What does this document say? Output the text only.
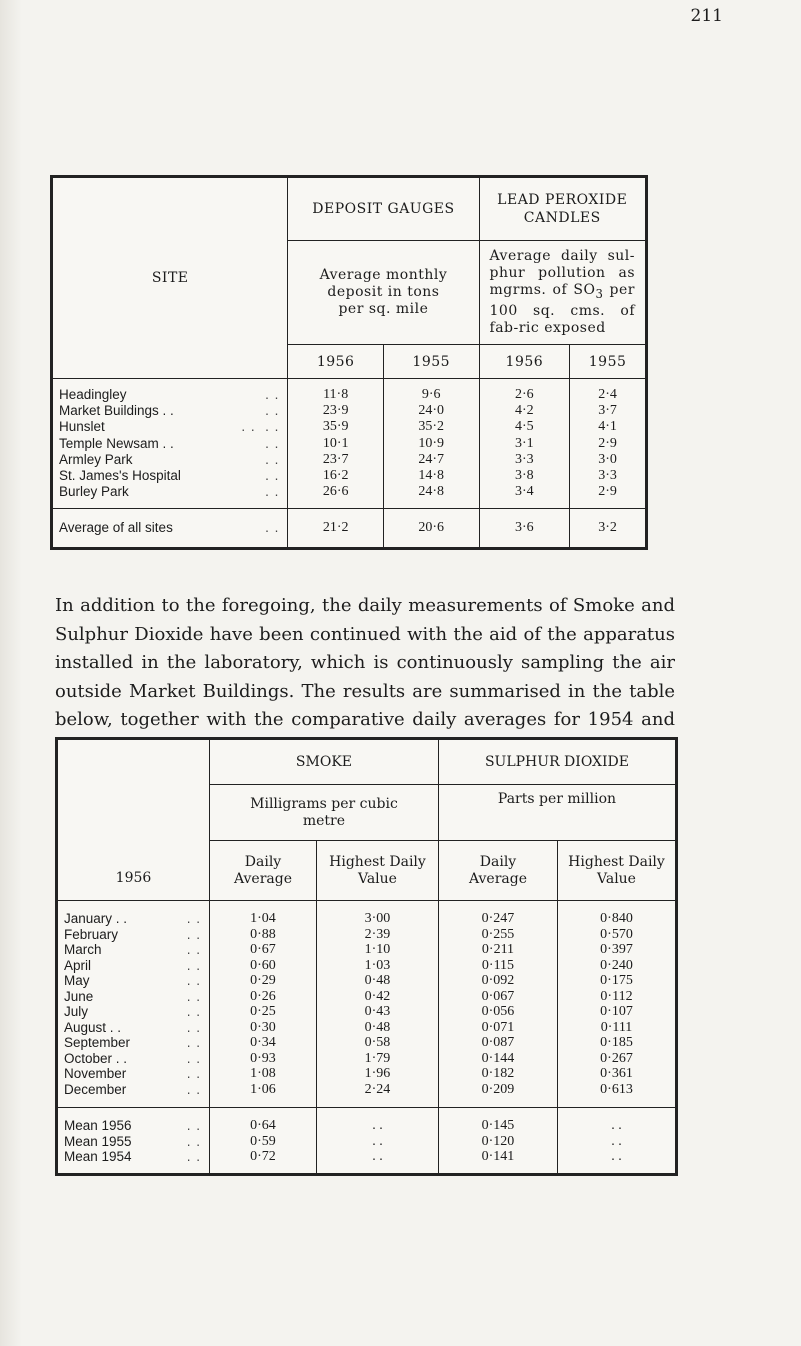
211
SITE	DEPOSIT GAUGES		LEAD PEROXIDE CANDLES	
	Average monthly deposit in tons per sq. mile		Average daily sul-phur pollution as mgrms. of $SO_3$ per 100 sq. cms. of fab-ric exposed	
	1956	1955	1956	1955
Headingley . .	11·8	9·6	2·6	2·4
Market Buildings . . . .	23·9	24·0	4·2	3·7
Hunslet . .  . .	35·9	35·2	4·5	4·1
Temple Newsam . . . .	10·1	10·9	3·1	2·9
Armley Park . .	23·7	24·7	3·3	3·0
St. James's Hospital . .	16·2	14·8	3·8	3·3
Burley Park . .	26·6	24·8	3·4	2·9
Average of all sites . .	21·2	20·6	3·6	3·2
In addition to the foregoing, the daily measurements of Smoke and Sulphur Dioxide have been continued with the aid of the apparatus installed in the laboratory, which is continuously sampling the air outside Market Buildings. The results are summarised in the table below, together with the comparative daily averages for 1954 and
1956	SMOKE		SULPHUR DIOXIDE	
	Milligrams per cubic metre		Parts per million	
	Daily Average	Highest Daily Value	Daily Average	Highest Daily Value
January . . . .	1·04	3·00	0·247	0·840
February . .	0·88	2·39	0·255	0·570
March . .	0·67	1·10	0·211	0·397
April . .	0·60	1·03	0·115	0·240
May . .	0·29	0·48	0·092	0·175
June . .	0·26	0·42	0·067	0·112
July . .	0·25	0·43	0·056	0·107
August . . . .	0·30	0·48	0·071	0·111
September . .	0·34	0·58	0·087	0·185
October . . . .	0·93	1·79	0·144	0·267
November . .	1·08	1·96	0·182	0·361
December . .	1·06	2·24	0·209	0·613
Mean 1956 . .	0·64	. .	0·145	. .
Mean 1955 . .	0·59	. .	0·120	. .
Mean 1954 . .	0·72	. .	0·141	. .
